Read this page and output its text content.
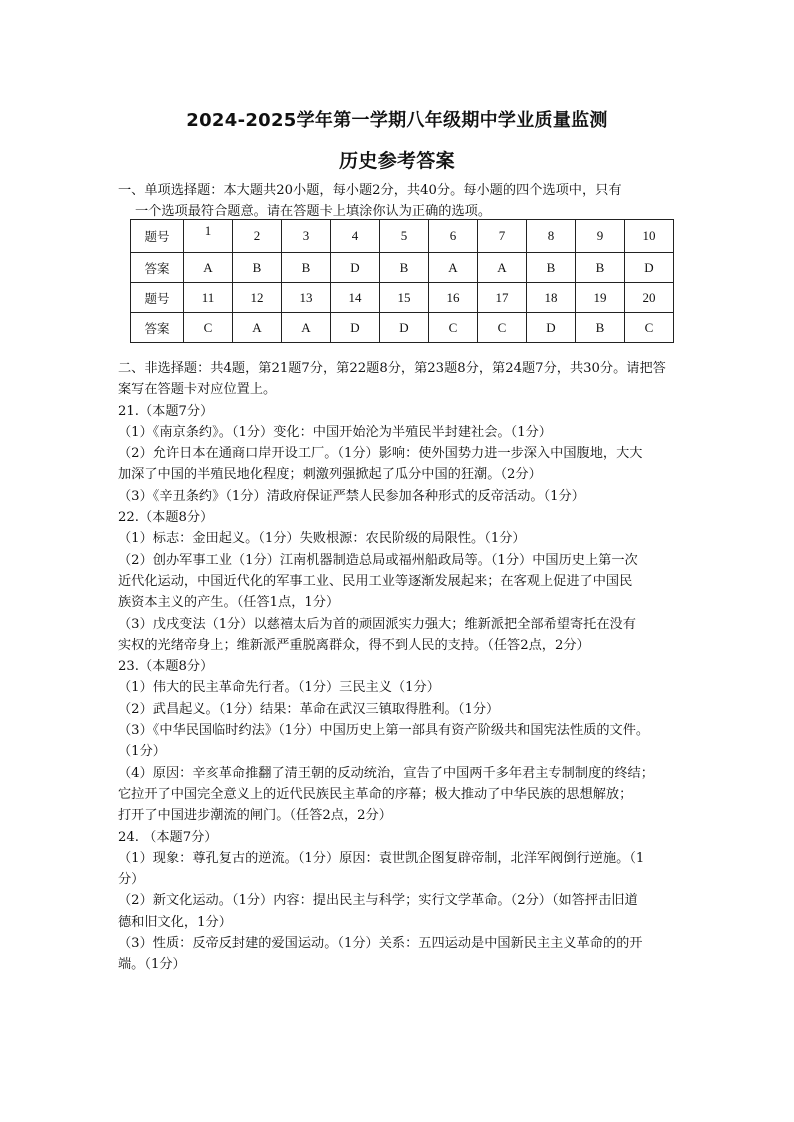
2024-2025学年第一学期八年级期中学业质量监测
历史参考答案
一、单项选择题：本大题共20小题，每小题2分，共40分。每小题的四个选项中，只有
一个选项最符合题意。请在答题卡上填涂你认为正确的选项。
题号	1	2	3	4	5	6	7	8	9	10
答案	A	B	B	D	B	A	A	B	B	D
题号	11	12	13	14	15	16	17	18	19	20
答案	C	A	A	D	D	C	C	D	B	C

二、非选择题：共4题，第21题7分，第22题8分，第23题8分，第24题7分，共30分。请把答

案写在答题卡对应位置上。

21.（本题7分）

（1）《南京条约》。（1分）变化：中国开始沦为半殖民半封建社会。（1分）

（2）允许日本在通商口岸开设工厂。（1分）影响：使外国势力进一步深入中国腹地，大大

加深了中国的半殖民地化程度；刺激列强掀起了瓜分中国的狂潮。（2分）

（3）《辛丑条约》（1分）清政府保证严禁人民参加各种形式的反帝活动。（1分）

22.（本题8分）

（1）标志：金田起义。（1分）失败根源：农民阶级的局限性。（1分）

（2）创办军事工业（1分）江南机器制造总局或福州船政局等。（1分）中国历史上第一次

近代化运动，中国近代化的军事工业、民用工业等逐渐发展起来；在客观上促进了中国民

族资本主义的产生。（任答1点，1分）

（3）戊戌变法（1分）以慈禧太后为首的顽固派实力强大；维新派把全部希望寄托在没有

实权的光绪帝身上；维新派严重脱离群众，得不到人民的支持。（任答2点，2分）

23.（本题8分）

（1）伟大的民主革命先行者。（1分）三民主义（1分）

（2）武昌起义。（1分）结果：革命在武汉三镇取得胜利。（1分）

（3）《中华民国临时约法》（1分）中国历史上第一部具有资产阶级共和国宪法性质的文件。

（1分）

（4）原因：辛亥革命推翻了清王朝的反动统治，宣告了中国两千多年君主专制制度的终结；

它拉开了中国完全意义上的近代民族民主革命的序幕；极大推动了中华民族的思想解放；

打开了中国进步潮流的闸门。（任答2点，2分）

24. （本题7分）

（1）现象：尊孔复古的逆流。（1分）原因：袁世凯企图复辟帝制，北洋军阀倒行逆施。（1

分）

（2）新文化运动。（1分）内容：提出民主与科学；实行文学革命。（2分）（如答抨击旧道

德和旧文化，1分）

（3）性质：反帝反封建的爱国运动。（1分）关系：五四运动是中国新民主主义革命的的开

端。（1分）
